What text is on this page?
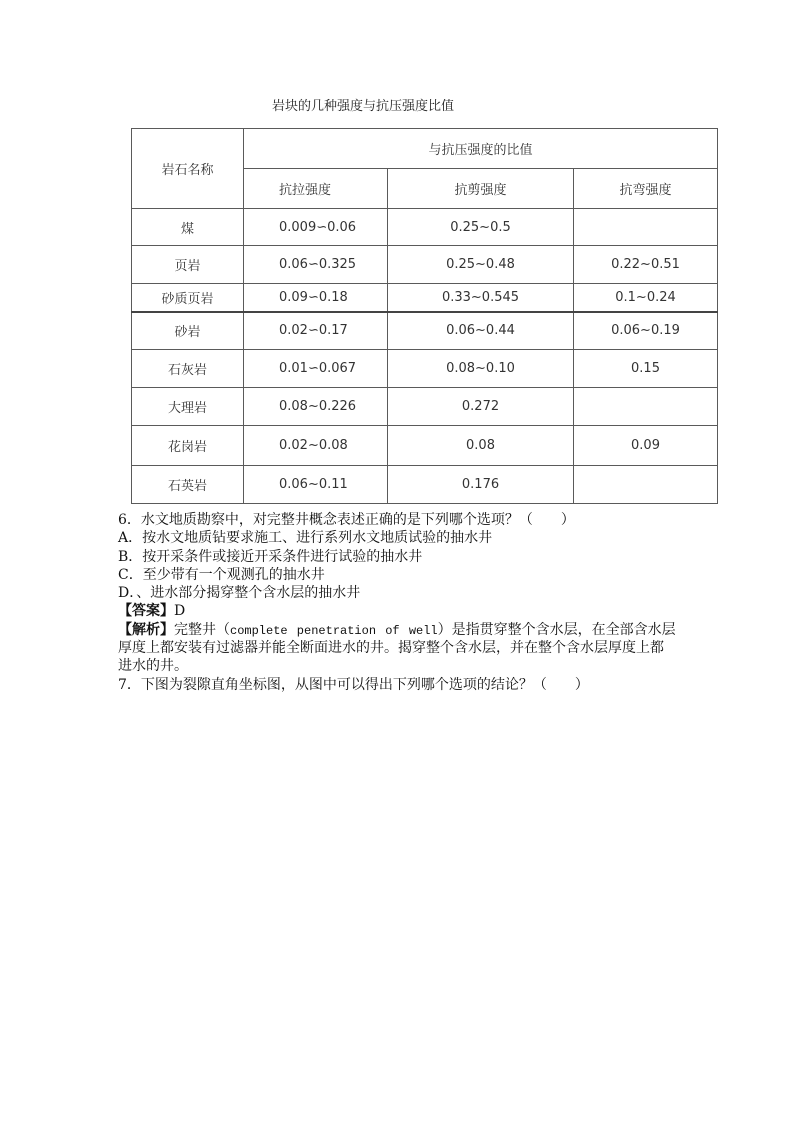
岩块的几种强度与抗压强度比值
岩石名称	与抗压强度的比值		
	抗拉强度	抗剪强度	抗弯强度
煤	0.009∽0.06	0.25~0.5	
页岩	0.06∽0.325	0.25~0.48	0.22~0.51
砂质页岩	0.09∽0.18	0.33~0.545	0.1~0.24
砂岩	0.02∽0.17	0.06~0.44	0.06~0.19
石灰岩	0.01∽0.067	0.08~0.10	0.15
大理岩	0.08~0.226	0.272	
花岗岩	0.02~0.08	0.08	0.09
石英岩	0.06~0.11	0.176	
6．水文地质勘察中，对完整井概念表述正确的是下列哪个选项？（　　）
A．按水文地质钻要求施工、进行系列水文地质试验的抽水井
B．按开采条件或接近开采条件进行试验的抽水井
C．至少带有一个观测孔的抽水井
D．、进水部分揭穿整个含水层的抽水井
【答案】D
【解析】完整井（complete penetration of well）是指贯穿整个含水层，在全部含水层
厚度上都安装有过滤器并能全断面进水的井。揭穿整个含水层，并在整个含水层厚度上都
进水的井。
7．下图为裂隙直角坐标图，从图中可以得出下列哪个选项的结论？（　　）
